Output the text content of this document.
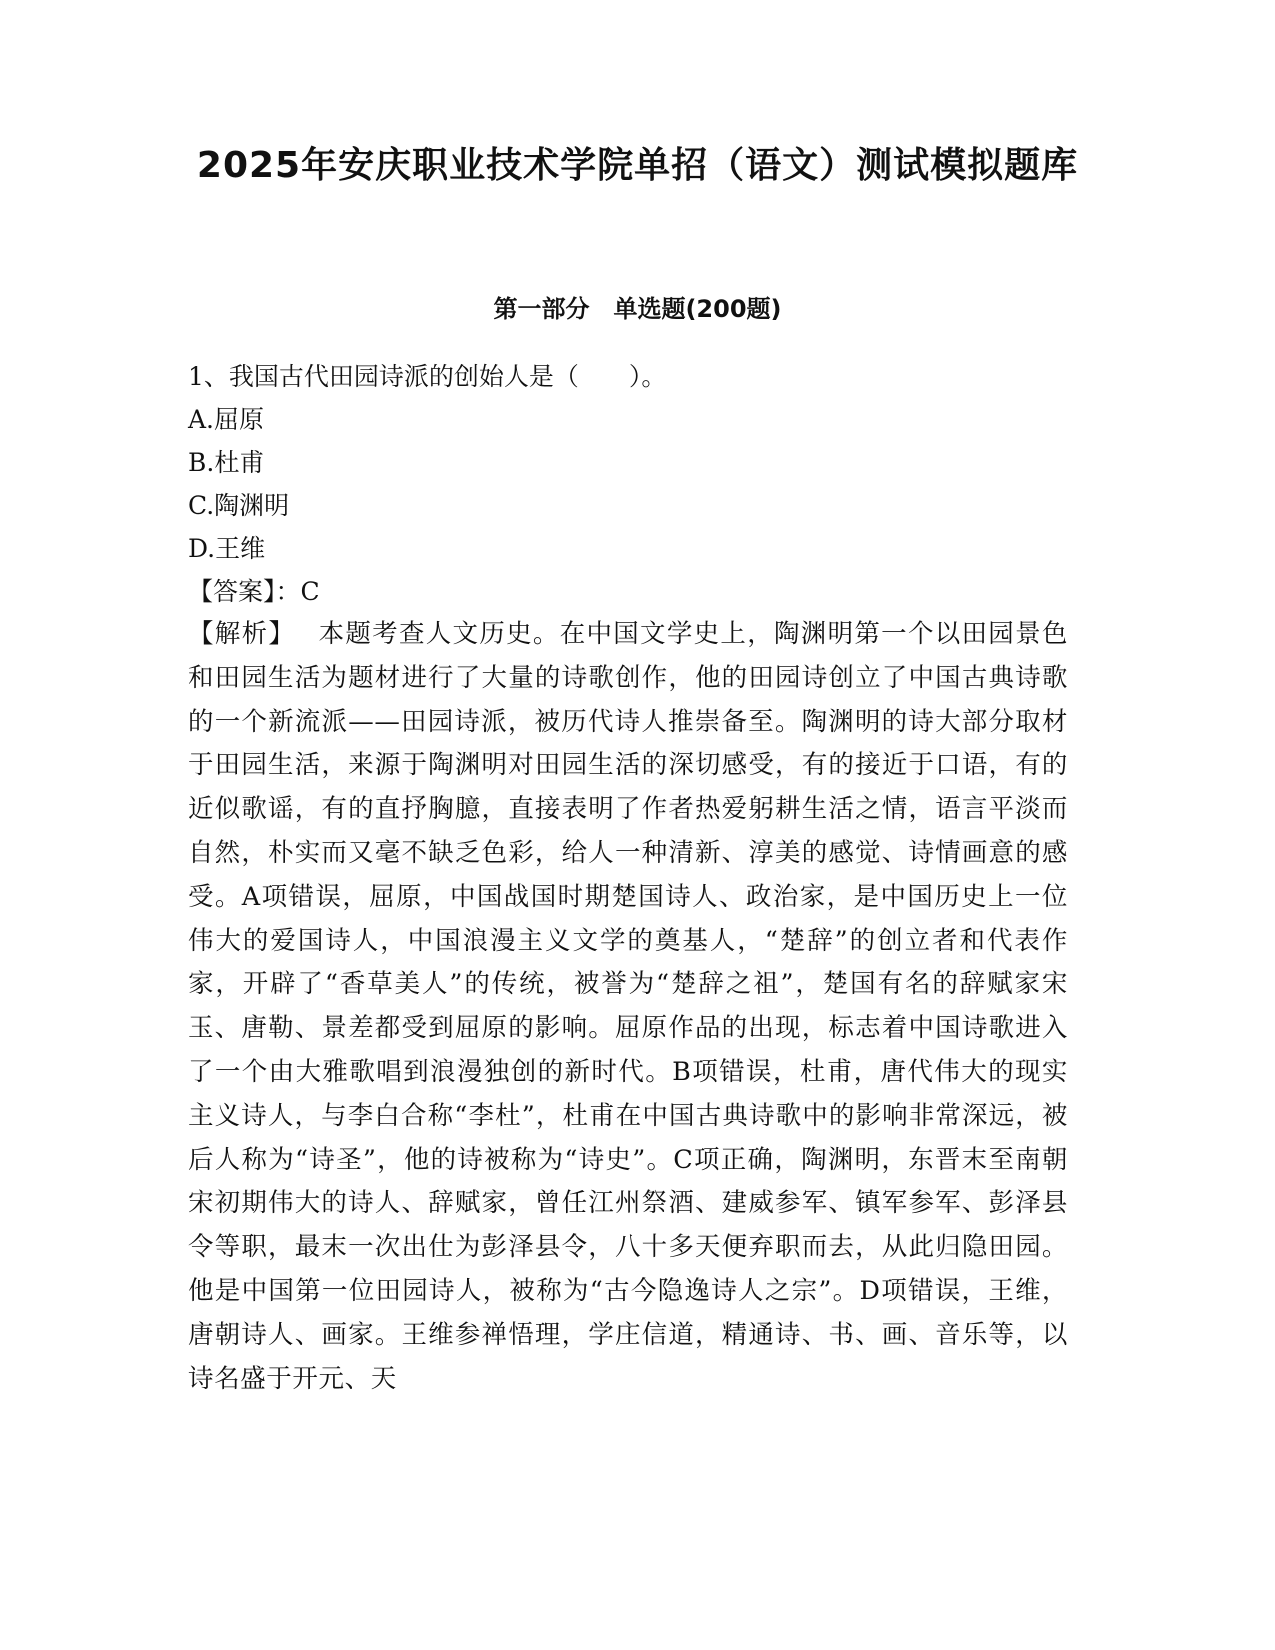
2025年安庆职业技术学院单招（语文）测试模拟题库
第一部分　单选题(200题)

1、我国古代田园诗派的创始人是（　　）。

A.屈原

B.杜甫

C.陶渊明

D.王维

【答案】：C

【解析】　 本题考查人文历史。在中国文学史上，陶渊明第一个以田园景色和田园生活为题材进行了大量的诗歌创作，他的田园诗创立了中国古典诗歌的一个新流派——田园诗派，被历代诗人推崇备至。陶渊明的诗大部分取材于田园生活，来源于陶渊明对田园生活的深切感受，有的接近于口语，有的近似歌谣，有的直抒胸臆，直接表明了作者热爱躬耕生活之情，语言平淡而自然，朴实而又毫不缺乏色彩，给人一种清新、淳美的感觉、诗情画意的感受。A项错误，屈原，中国战国时期楚国诗人、政治家，是中国历史上一位伟大的爱国诗人，中国浪漫主义文学的奠基人，“楚辞”的创立者和代表作家，开辟了“香草美人”的传统，被誉为“楚辞之祖”，楚国有名的辞赋家宋玉、唐勒、景差都受到屈原的影响。屈原作品的出现，标志着中国诗歌进入了一个由大雅歌唱到浪漫独创的新时代。B项错误，杜甫，唐代伟大的现实主义诗人，与李白合称“李杜”，杜甫在中国古典诗歌中的影响非常深远，被后人称为“诗圣”，他的诗被称为“诗史”。C项正确，陶渊明，东晋末至南朝宋初期伟大的诗人、辞赋家，曾任江州祭酒、建威参军、镇军参军、彭泽县令等职，最末一次出仕为彭泽县令，八十多天便弃职而去，从此归隐田园。他是中国第一位田园诗人，被称为“古今隐逸诗人之宗”。D项错误，王维，唐朝诗人、画家。王维参禅悟理，学庄信道，精通诗、书、画、音乐等，以诗名盛于开元、天
